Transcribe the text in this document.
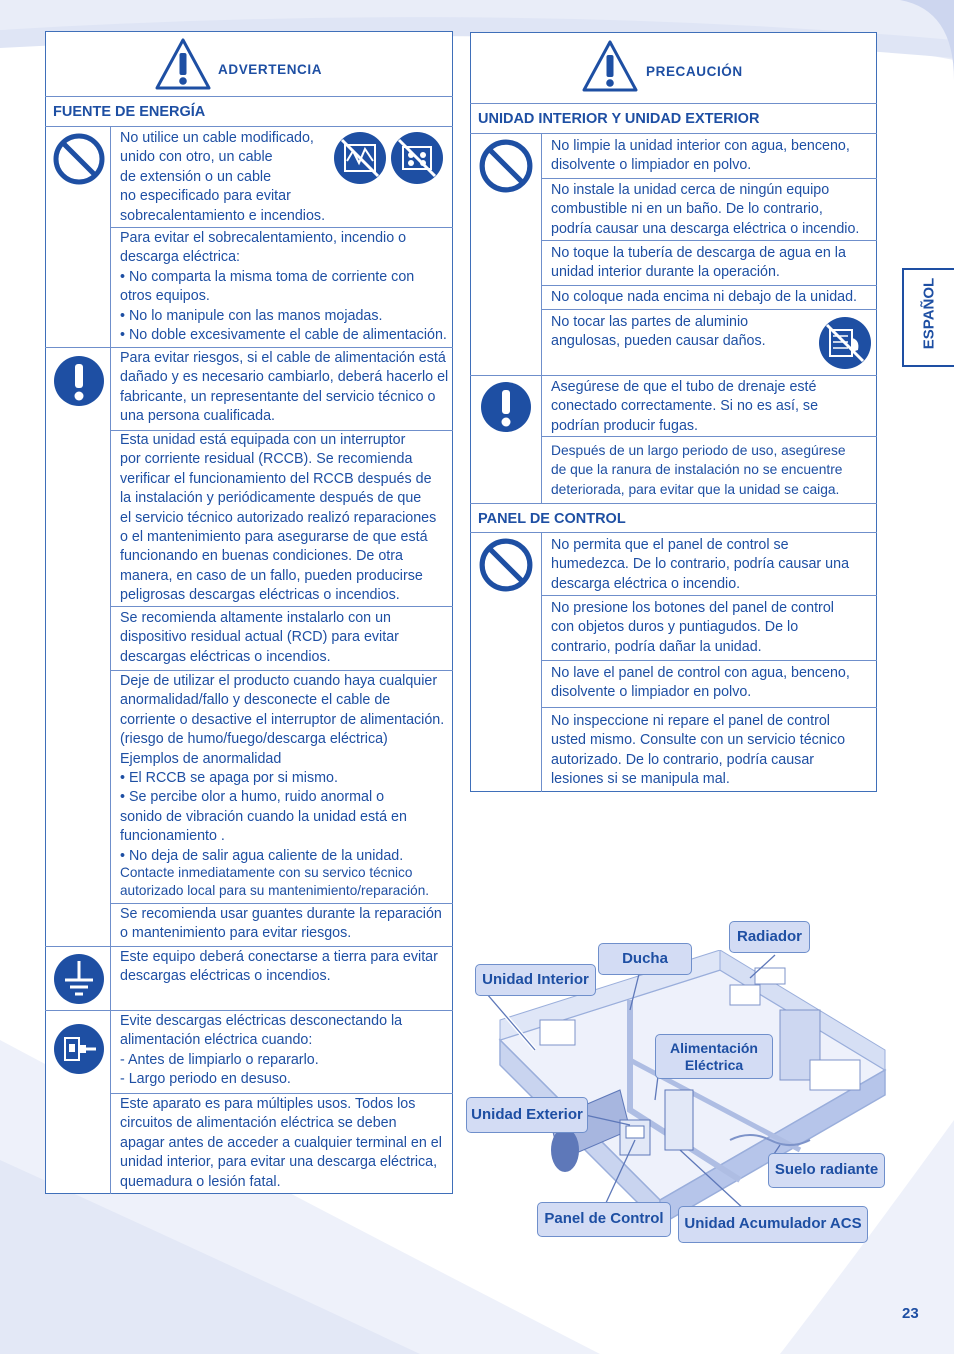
ADVERTENCIA
FUENTE DE ENERGÍA
No utilice un cable modificado,
unido con otro, un cable
de extensión o un cable
no especificado para evitar
sobrecalentamiento e incendios.
Para evitar el sobrecalentamiento, incendio o
descarga eléctrica:
• No comparta la misma toma de corriente con
otros equipos.
• No lo manipule con las manos mojadas.
• No doble excesivamente el cable de alimentación.
Para evitar riesgos, si el cable de alimentación está
dañado y es necesario cambiarlo, deberá hacerlo el
fabricante, un representante del servicio técnico o
una persona cualificada.
Esta unidad está equipada con un interruptor
por corriente residual (RCCB). Se recomienda
verificar el funcionamiento del RCCB después de
la instalación y periódicamente después de que
el servicio técnico autorizado realizó reparaciones
o el mantenimiento para asegurarse de que está
funcionando en buenas condiciones. De otra
manera, en caso de un fallo, pueden producirse
peligrosas descargas eléctricas o incendios.
Se recomienda altamente instalarlo con un
dispositivo residual actual (RCD) para evitar
descargas eléctricas o incendios.
Deje de utilizar el producto cuando haya cualquier
anormalidad/fallo y desconecte el cable de
corriente o desactive el interruptor de alimentación.
(riesgo de humo/fuego/descarga eléctrica)
Ejemplos de anormalidad
• El RCCB se apaga por si mismo.
• Se percibe olor a humo, ruido anormal o
sonido de vibración cuando la unidad está en
funcionamiento .
• No deja de salir agua caliente de la unidad.
Contacte inmediatamente con su servico técnico
autorizado local para su mantenimiento/reparación.
Se recomienda usar guantes durante la reparación
o mantenimiento para evitar riesgos.
Este equipo deberá conectarse a tierra para evitar
descargas eléctricas o incendios.
Evite descargas eléctricas desconectando la
alimentación eléctrica cuando:
- Antes de limpiarlo o repararlo.
- Largo periodo en desuso.
Este aparato es para múltiples usos. Todos los
circuitos de alimentación eléctrica se deben
apagar antes de acceder a cualquier terminal en el
unidad interior, para evitar una descarga eléctrica,
quemadura o lesión fatal.
PRECAUCIÓN
UNIDAD INTERIOR Y UNIDAD EXTERIOR
No limpie la unidad interior con agua, benceno,
disolvente o limpiador en polvo.
No instale la unidad cerca de ningún equipo
combustible ni en un baño. De lo contrario,
podría causar una descarga eléctrica o incendio.
No toque la tubería de descarga de agua en la
unidad interior durante la operación.
No coloque nada encima ni debajo de la unidad.
No tocar las partes de aluminio
angulosas, pueden causar daños.
Asegúrese de que el tubo de drenaje esté
conectado correctamente. Si no es así, se
podrían producir fugas.
Después de un largo periodo de uso, asegúrese
de que la ranura de instalación no se encuentre
deteriorada, para evitar que la unidad se caiga.
PANEL DE CONTROL
No permita que el panel de control se
humedezca. De lo contrario, podría causar una
descarga eléctrica o incendio.
No presione los botones del panel de control
con objetos duros y puntiagudos. De lo
contrario, podría dañar la unidad.
No lave el panel de control con agua, benceno,
disolvente o limpiador en polvo.
No inspeccione ni repare el panel de control
usted mismo. Consulte con un servicio técnico
autorizado. De lo contrario, podría causar
lesiones si se manipula mal.
ESPAÑOL
Radiador
Ducha
Unidad Interior
Alimentación
Eléctrica
Unidad Exterior
Suelo radiante
Panel de Control	Unidad Acumulador ACS
23
